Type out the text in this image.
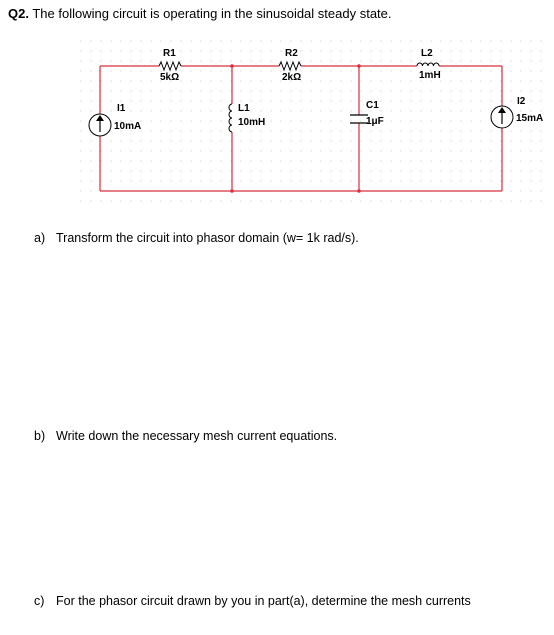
Q2. The following circuit is operating in the sinusoidal steady state.
R1
5kΩ
R2
2kΩ
L2
1mH
L1
10mH
C1
1μF
I1
10mA
I2
15mA
a) Transform the circuit into phasor domain (w= 1k rad/s).
b) Write down the necessary mesh current equations.
c) For the phasor circuit drawn by you in part(a), determine the mesh currents
